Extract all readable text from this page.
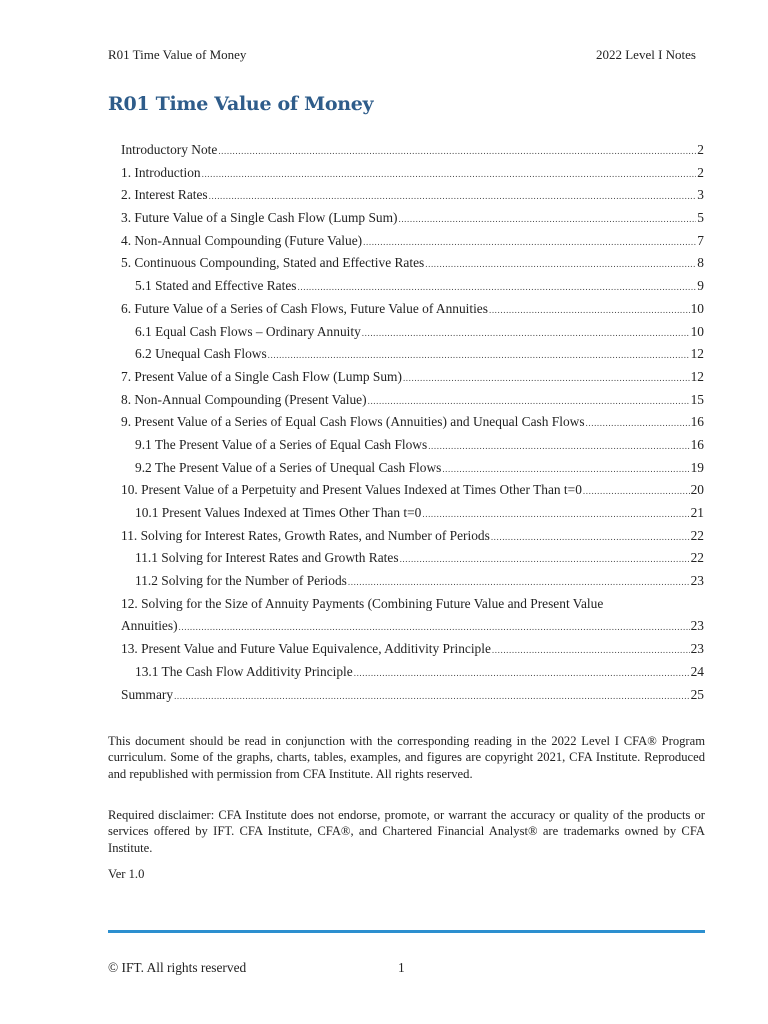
R01 Time Value of Money	2022 Level I Notes
R01 Time Value of Money
Introductory Note .....	2
1. Introduction .....	2
2. Interest Rates .....	3
3. Future Value of a Single Cash Flow (Lump Sum) .....	5
4. Non-Annual Compounding (Future Value) .....	7
5. Continuous Compounding, Stated and Effective Rates .....	8
5.1 Stated and Effective Rates .....	9
6. Future Value of a Series of Cash Flows, Future Value of Annuities .....	10
6.1 Equal Cash Flows – Ordinary Annuity .....	10
6.2 Unequal Cash Flows .....	12
7. Present Value of a Single Cash Flow (Lump Sum) .....	12
8. Non-Annual Compounding (Present Value) .....	15
9. Present Value of a Series of Equal Cash Flows (Annuities) and Unequal Cash Flows .....	16
9.1 The Present Value of a Series of Equal Cash Flows .....	16
9.2 The Present Value of a Series of Unequal Cash Flows .....	19
10. Present Value of a Perpetuity and Present Values Indexed at Times Other Than t=0 .....	20
10.1 Present Values Indexed at Times Other Than t=0 .....	21
11. Solving for Interest Rates, Growth Rates, and Number of Periods .....	22
11.1 Solving for Interest Rates and Growth Rates .....	22
11.2 Solving for the Number of Periods .....	23
12. Solving for the Size of Annuity Payments (Combining Future Value and Present Value
Annuities) .....	23
13. Present Value and Future Value Equivalence, Additivity Principle .....	23
13.1 The Cash Flow Additivity Principle .....	24
Summary .....	25

This document should be read in conjunction with the corresponding reading in the 2022 Level I CFA® Program curriculum. Some of the graphs, charts, tables, examples, and figures are copyright 2021, CFA Institute. Reproduced and republished with permission from CFA Institute. All rights reserved.

Required disclaimer: CFA Institute does not endorse, promote, or warrant the accuracy or quality of the products or services offered by IFT. CFA Institute, CFA®, and Chartered Financial Analyst® are trademarks owned by CFA Institute.

Ver 1.0

© IFT. All rights reserved	1
